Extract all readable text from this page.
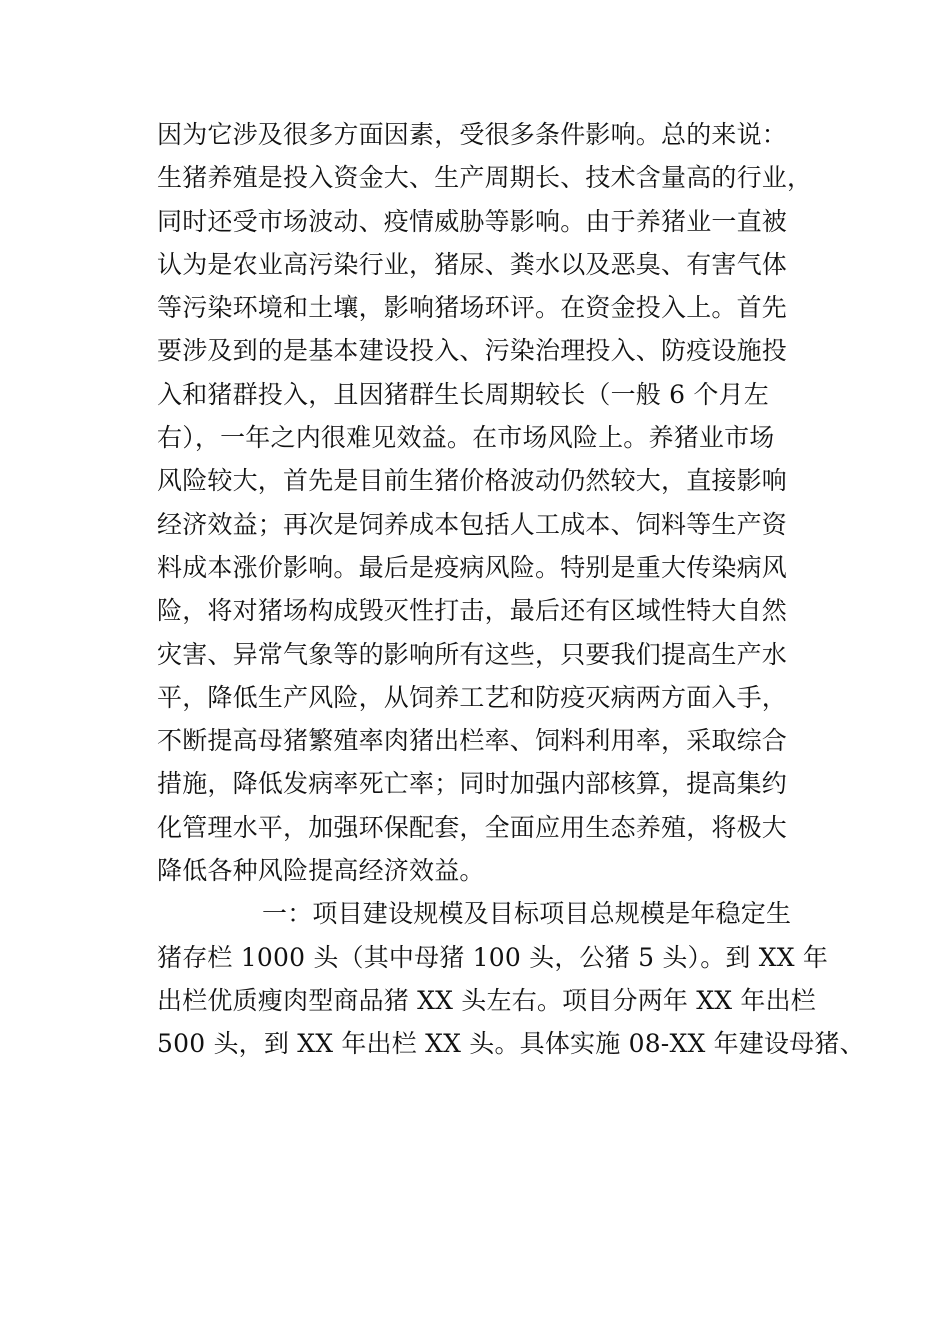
因为它涉及很多方面因素，受很多条件影响。总的来说：
生猪养殖是投入资金大、生产周期长、技术含量高的行业，
同时还受市场波动、疫情威胁等影响。由于养猪业一直被
认为是农业高污染行业，猪尿、粪水以及恶臭、有害气体
等污染环境和土壤，影响猪场环评。在资金投入上。首先
要涉及到的是基本建设投入、污染治理投入、防疫设施投
入和猪群投入，且因猪群生长周期较长（一般 6 个月左
右），一年之内很难见效益。在市场风险上。养猪业市场
风险较大，首先是目前生猪价格波动仍然较大，直接影响
经济效益；再次是饲养成本包括人工成本、饲料等生产资
料成本涨价影响。最后是疫病风险。特别是重大传染病风
险，将对猪场构成毁灭性打击，最后还有区域性特大自然
灾害、异常气象等的影响所有这些，只要我们提高生产水
平，降低生产风险，从饲养工艺和防疫灭病两方面入手，
不断提高母猪繁殖率肉猪出栏率、饲料利用率，采取综合
措施，降低发病率死亡率；同时加强内部核算，提高集约
化管理水平，加强环保配套，全面应用生态养殖，将极大
降低各种风险提高经济效益。
一：项目建设规模及目标项目总规模是年稳定生
猪存栏 1000 头（其中母猪 100 头，公猪 5 头）。到 XX 年
出栏优质瘦肉型商品猪 XX 头左右。项目分两年 XX 年出栏
500 头，到 XX 年出栏 XX 头。具体实施 08-XX 年建设母猪、
